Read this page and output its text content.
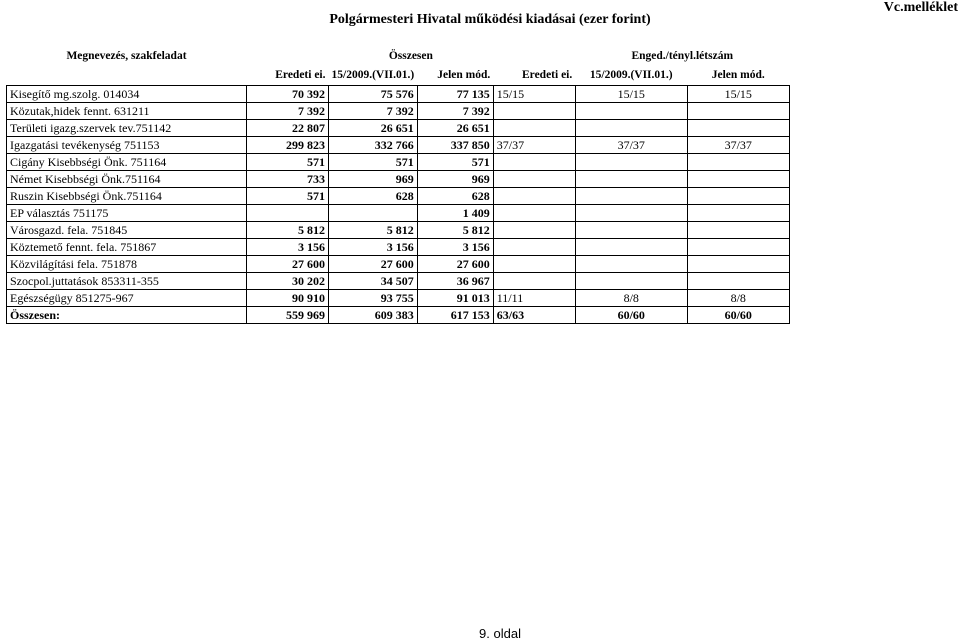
Polgármesteri Hivatal működési kiadásai (ezer forint)
Vc.melléklet
Megnevezés, szakfeladat		Összesen			Enged./tényl.létszám	
	Eredeti ei.	15/2009.(VII.01.)	Jelen mód.	Eredeti ei.	15/2009.(VII.01.)	Jelen mód.
Kisegítő mg.szolg. 014034	70 392	75 576	77 135	15/15	15/15	15/15
Közutak,hidek fennt. 631211	7 392	7 392	7 392			
Területi igazg.szervek tev.751142	22 807	26 651	26 651			
Igazgatási tevékenység 751153	299 823	332 766	337 850	37/37	37/37	37/37
Cigány Kisebbségi Önk. 751164	571	571	571			
Német Kisebbségi Önk.751164	733	969	969			
Ruszin Kisebbségi Önk.751164	571	628	628			
EP választás 751175			1 409			
Városgazd. fela. 751845	5 812	5 812	5 812			
Köztemető fennt. fela. 751867	3 156	3 156	3 156			
Közvilágítási fela. 751878	27 600	27 600	27 600			
Szocpol.juttatások 853311-355	30 202	34 507	36 967			
Egészségügy 851275-967	90 910	93 755	91 013	11/11	8/8	8/8
Összesen:	559 969	609 383	617 153	63/63	60/60	60/60
9. oldal
